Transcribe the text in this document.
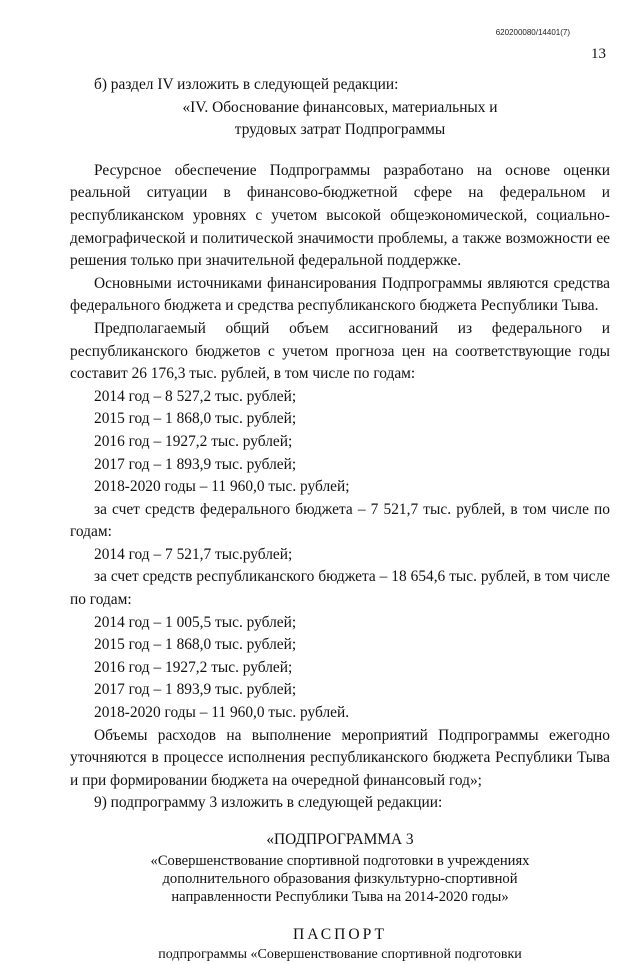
620200080/14401(7)
13

б) раздел IV изложить в следующей редакции:

«IV. Обоснование финансовых, материальных и

трудовых затрат Подпрограммы

Ресурсное обеспечение Подпрограммы разработано на основе оценки реальной ситуации в финансово-бюджетной сфере на федеральном и республиканском уровнях с учетом высокой общеэкономической, социально-демографической и политической значимости проблемы, а также возможности ее решения только при значительной федеральной поддержке.

Основными источниками финансирования Подпрограммы являются средства федерального бюджета и средства республиканского бюджета Республики Тыва.

Предполагаемый общий объем ассигнований из федерального и республиканского бюджетов с учетом прогноза цен на соответствующие годы составит 26 176,3 тыс. рублей, в том числе по годам:

2014 год – 8 527,2 тыс. рублей;

2015 год – 1 868,0 тыс. рублей;

2016 год – 1927,2 тыс. рублей;

2017 год – 1 893,9 тыс. рублей;

2018-2020 годы – 11 960,0 тыс. рублей;

за счет средств федерального бюджета – 7 521,7 тыс. рублей, в том числе по годам:

2014 год – 7 521,7 тыс.рублей;

за счет средств республиканского бюджета – 18 654,6 тыс. рублей, в том числе по годам:

2014 год – 1 005,5 тыс. рублей;

2015 год – 1 868,0 тыс. рублей;

2016 год – 1927,2 тыс. рублей;

2017 год – 1 893,9 тыс. рублей;

2018-2020 годы – 11 960,0 тыс. рублей.

Объемы расходов на выполнение мероприятий Подпрограммы ежегодно уточняются в процессе исполнения республиканского бюджета Республики Тыва и при формировании бюджета на очередной финансовый год»;

9) подпрограмму 3 изложить в следующей редакции:

«ПОДПРОГРАММА 3

«Совершенствование спортивной подготовки в учреждениях

дополнительного образования физкультурно-спортивной

направленности Республики Тыва на 2014-2020 годы»

ПАСПОРТ

подпрограммы «Совершенствование спортивной подготовки
